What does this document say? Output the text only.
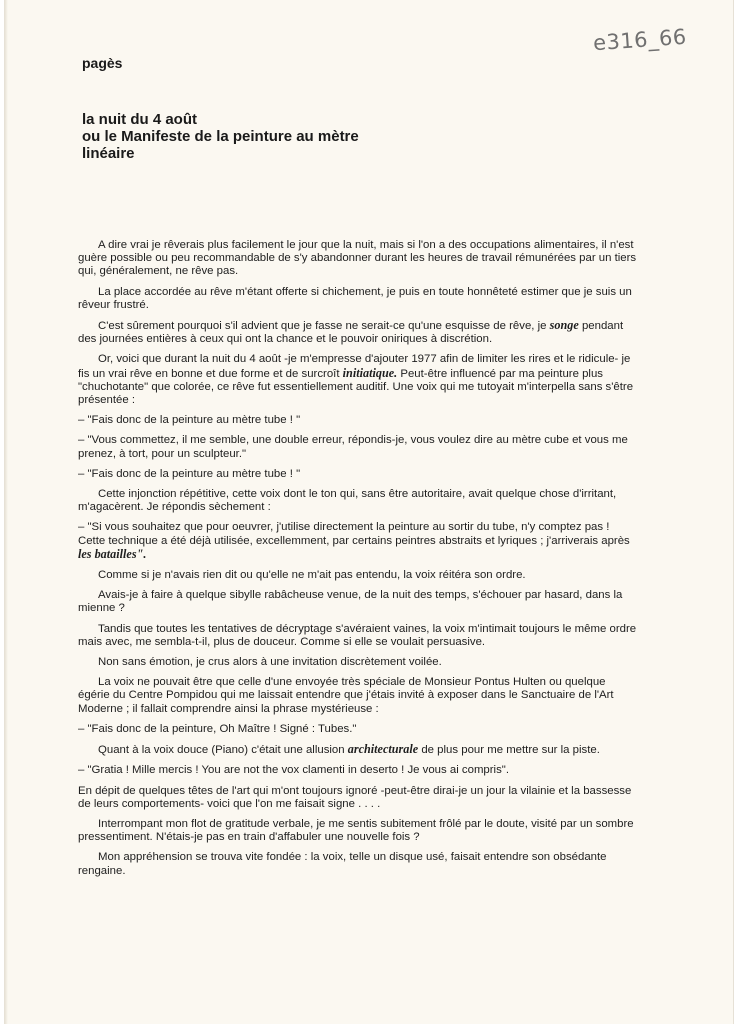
e316_66
pagès
la nuit du 4 août
ou le Manifeste de la peinture au mètre
linéaire

A dire vrai je rêverais plus facilement le jour que la nuit, mais si l'on a des occupations alimentaires, il n'est guère possible ou peu recommandable de s'y abandonner durant les heures de travail rémunérées par un tiers qui, généralement, ne rêve pas.

La place accordée au rêve m'étant offerte si chichement, je puis en toute honnêteté estimer que je suis un rêveur frustré.

C'est sûrement pourquoi s'il advient que je fasse ne serait-ce qu'une esquisse de rêve, je songe pendant des journées entières à ceux qui ont la chance et le pouvoir oniriques à discrétion.

Or, voici que durant la nuit du 4 août -je m'empresse d'ajouter 1977 afin de limiter les rires et le ridicule- je fis un vrai rêve en bonne et due forme et de surcroît initiatique. Peut-être influencé par ma peinture plus "chuchotante" que colorée, ce rêve fut essentiellement auditif. Une voix qui me tutoyait m'interpella sans s'être présentée :

– "Fais donc de la peinture au mètre tube ! "

– "Vous commettez, il me semble, une double erreur, répondis-je, vous voulez dire au mètre cube et vous me prenez, à tort, pour un sculpteur."

– "Fais donc de la peinture au mètre tube ! "

Cette injonction répétitive, cette voix dont le ton qui, sans être autoritaire, avait quelque chose d'irritant, m'agacèrent. Je répondis sèchement :

– "Si vous souhaitez que pour oeuvrer, j'utilise directement la peinture au sortir du tube, n'y comptez pas ! Cette technique a été déjà utilisée, excellemment, par certains peintres abstraits et lyriques ; j'arriverais après les batailles".

Comme si je n'avais rien dit ou qu'elle ne m'ait pas entendu, la voix réitéra son ordre.

Avais-je à faire à quelque sibylle rabâcheuse venue, de la nuit des temps, s'échouer par hasard, dans la mienne ?

Tandis que toutes les tentatives de décryptage s'avéraient vaines, la voix m'intimait toujours le même ordre mais avec, me sembla-t-il, plus de douceur. Comme si elle se voulait persuasive.

Non sans émotion, je crus alors à une invitation discrètement voilée.

La voix ne pouvait être que celle d'une envoyée très spéciale de Monsieur Pontus Hulten ou quelque égérie du Centre Pompidou qui me laissait entendre que j'étais invité à exposer dans le Sanctuaire de l'Art Moderne ; il fallait comprendre ainsi la phrase mystérieuse :

– "Fais donc de la peinture, Oh Maître ! Signé : Tubes."

Quant à la voix douce (Piano) c'était une allusion architecturale de plus pour me mettre sur la piste.

– "Gratia ! Mille mercis ! You are not the vox clamenti in deserto ! Je vous ai compris".

En dépit de quelques têtes de l'art qui m'ont toujours ignoré -peut-être dirai-je un jour la vilainie et la bassesse de leurs comportements- voici que l'on me faisait signe . . . .

Interrompant mon flot de gratitude verbale, je me sentis subitement frôlé par le doute, visité par un sombre pressentiment. N'étais-je pas en train d'affabuler une nouvelle fois ?

Mon appréhension se trouva vite fondée : la voix, telle un disque usé, faisait entendre son obsédante rengaine.
